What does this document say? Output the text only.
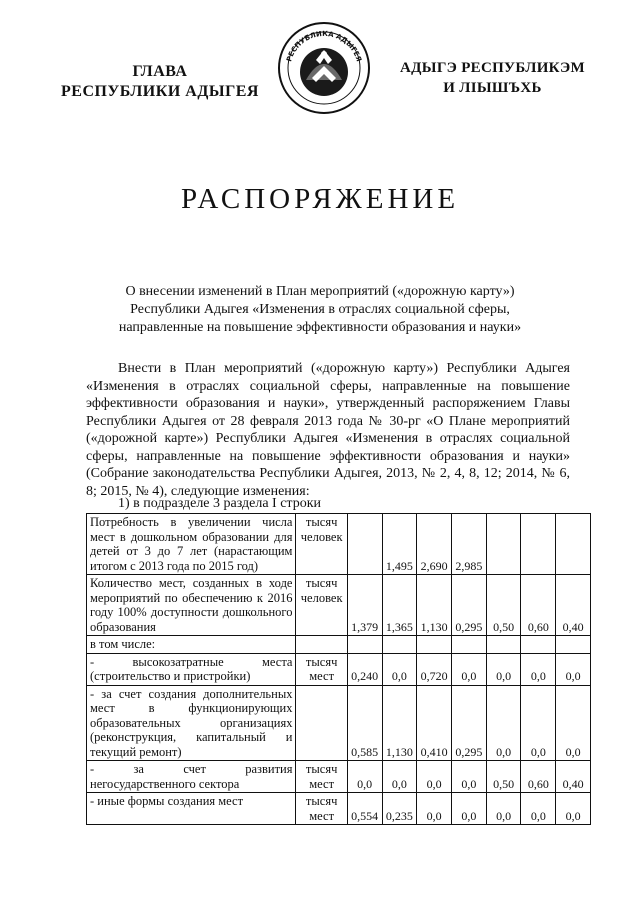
ГЛАВА
РЕСПУБЛИКИ АДЫГЕЯ
РЕСПУБЛИКА АДЫГЕЯ
АДЫГЭ РЕСПУБЛИКЭМ
И ЛІЫШЪХЬ
РАСПОРЯЖЕНИЕ
О внесении изменений в План мероприятий («дорожную карту»)
Республики Адыгея «Изменения в отраслях социальной сферы,
направленные на повышение эффективности образования и науки»

Внести в План мероприятий («дорожную карту») Республики Адыгея «Изменения в отраслях социальной сферы, направленные на повышение эффективности образования и науки», утвержденный распоряжением Главы Республики Адыгея от 28 февраля 2013 года № 30-рг «О Плане мероприятий («дорожной карте») Республики Адыгея «Изменения в отраслях социальной сферы, направленные на повышение эффективности образования и науки» (Собрание законодательства Республики Адыгея, 2013, № 2, 4, 8, 12; 2014, № 6, 8; 2015, № 4), следующие изменения:

1) в подразделе 3 раздела I строки
Потребность в увеличении числа мест в дошкольном образовании для детей от 3 до 7 лет (нарастающим итогом с 2013 года по 2015 год)	тысяч человек		1,495	2,690	2,985			
Количество мест, созданных в ходе мероприятий по обеспечению к 2016 году 100% доступности дошкольного образования	тысяч человек	1,379	1,365	1,130	0,295	0,50	0,60	0,40
в том числе:								
- высокозатратные места (строительство и пристройки)	тысяч мест	0,240	0,0	0,720	0,0	0,0	0,0	0,0
- за счет создания дополнительных мест в функционирующих образовательных организациях (реконструкция, капитальный и текущий ремонт)		0,585	1,130	0,410	0,295	0,0	0,0	0,0
- за счет развития негосударственного сектора	тысяч мест	0,0	0,0	0,0	0,0	0,50	0,60	0,40
- иные формы создания мест	тысяч мест	0,554	0,235	0,0	0,0	0,0	0,0	0,0
